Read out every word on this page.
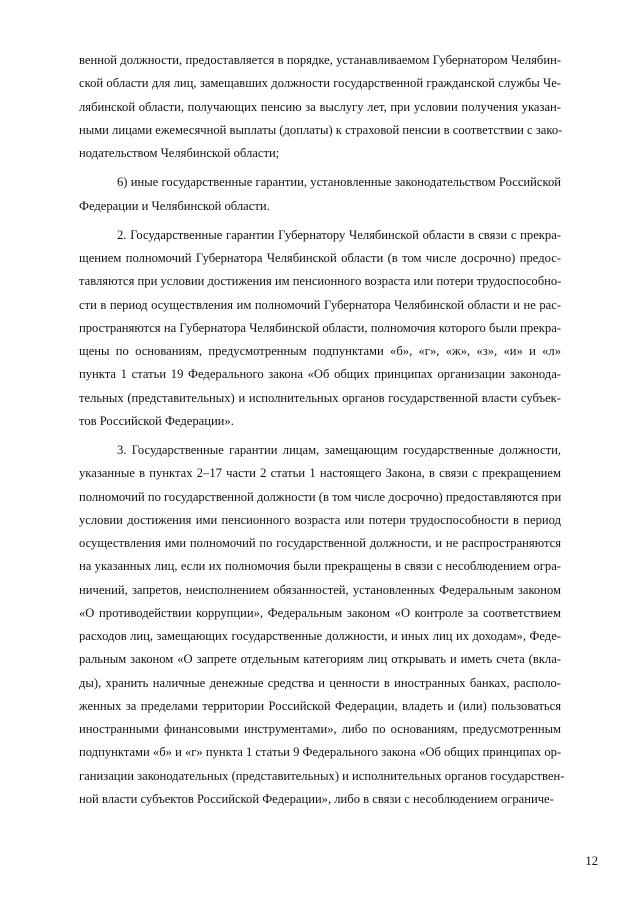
венной должности, предоставляется в порядке, устанавливаемом Губернатором Челябин-
ской области для лиц, замещавших должности государственной гражданской службы Че-
лябинской области, получающих пенсию за выслугу лет, при условии получения указан-
ными лицами ежемесячной выплаты (доплаты) к страховой пенсии в соответствии с зако-
нодательством Челябинской области;
6) иные государственные гарантии, установленные законодательством Российской
Федерации и Челябинской области.
2. Государственные гарантии Губернатору Челябинской области в связи с прекра-
щением полномочий Губернатора Челябинской области (в том числе досрочно) предос-
тавляются при условии достижения им пенсионного возраста или потери трудоспособно-
сти в период осуществления им полномочий Губернатора Челябинской области и не рас-
пространяются на Губернатора Челябинской области, полномочия которого были прекра-
щены по основаниям, предусмотренным подпунктами «б», «г», «ж», «з», «и» и «л»
пункта 1 статьи 19 Федерального закона «Об общих принципах организации законода-
тельных (представительных) и исполнительных органов государственной власти субъек-
тов Российской Федерации».
3. Государственные гарантии лицам, замещающим государственные должности,
указанные в пунктах 2–17 части 2 статьи 1 настоящего Закона, в связи с прекращением
полномочий по государственной должности (в том числе досрочно) предоставляются при
условии достижения ими пенсионного возраста или потери трудоспособности в период
осуществления ими полномочий по государственной должности, и не распространяются
на указанных лиц, если их полномочия были прекращены в связи с несоблюдением огра-
ничений, запретов, неисполнением обязанностей, установленных Федеральным законом
«О противодействии коррупции», Федеральным законом «О контроле за соответствием
расходов лиц, замещающих государственные должности, и иных лиц их доходам», Феде-
ральным законом «О запрете отдельным категориям лиц открывать и иметь счета (вкла-
ды), хранить наличные денежные средства и ценности в иностранных банках, располо-
женных за пределами территории Российской Федерации, владеть и (или) пользоваться
иностранными финансовыми инструментами», либо по основаниям, предусмотренным
подпунктами «б» и «г» пункта 1 статьи 9 Федерального закона «Об общих принципах ор-
ганизации законодательных (представительных) и исполнительных органов государствен-
ной власти субъектов Российской Федерации», либо в связи с несоблюдением ограниче-
12
